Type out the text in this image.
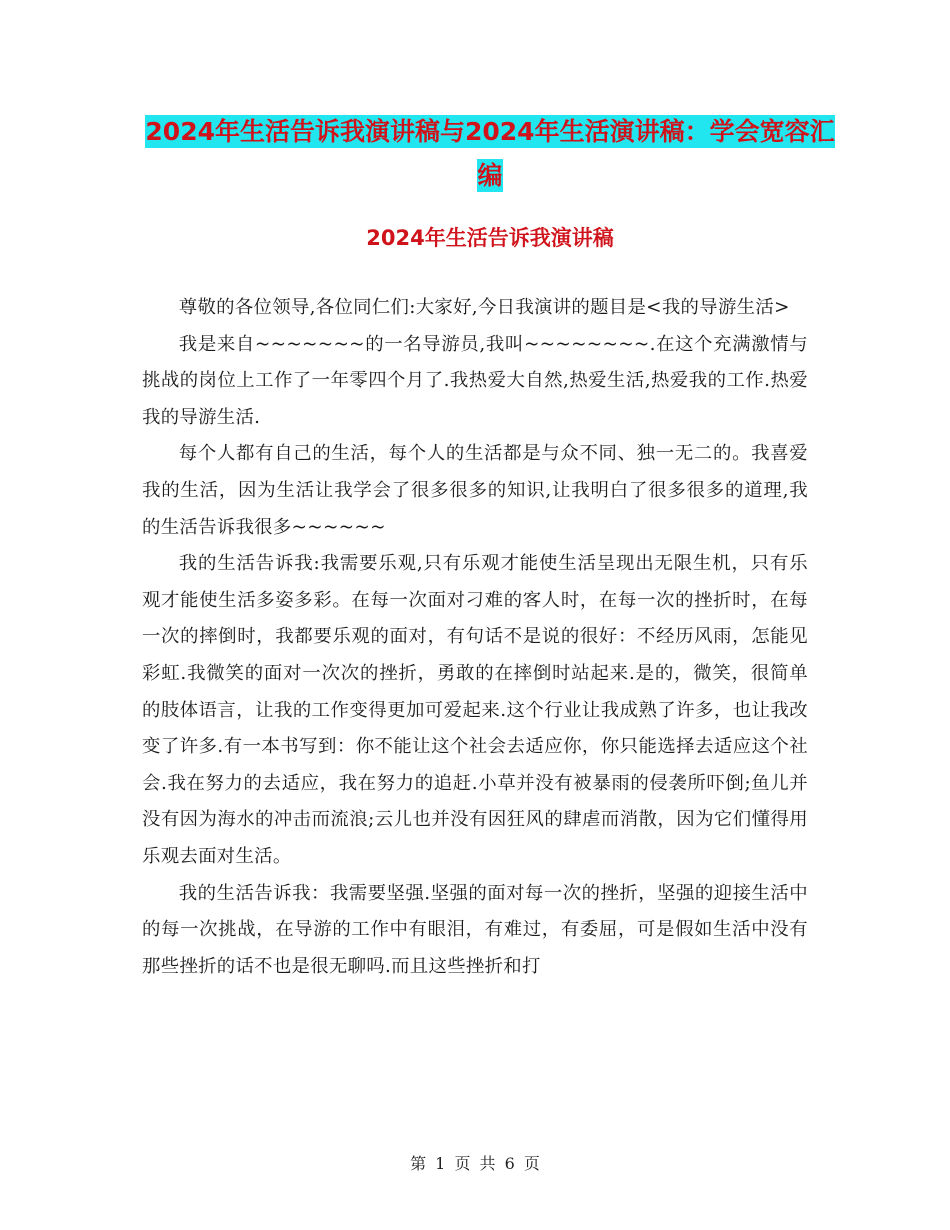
2024年生活告诉我演讲稿与2024年生活演讲稿：学会宽容汇编
2024年生活告诉我演讲稿

尊敬的各位领导,各位同仁们:大家好,今日我演讲的题目是<我的导游生活>

我是来自~~~~~~~的一名导游员,我叫~~~~~~~~.在这个充满激情与挑战的岗位上工作了一年零四个月了.我热爱大自然,热爱生活,热爱我的工作.热爱我的导游生活.

每个人都有自己的生活，每个人的生活都是与众不同、独一无二的。我喜爱我的生活，因为生活让我学会了很多很多的知识,让我明白了很多很多的道理,我的生活告诉我很多~~~~~~

我的生活告诉我:我需要乐观,只有乐观才能使生活呈现出无限生机，只有乐观才能使生活多姿多彩。在每一次面对刁难的客人时，在每一次的挫折时，在每一次的摔倒时，我都要乐观的面对，有句话不是说的很好：不经历风雨，怎能见彩虹.我微笑的面对一次次的挫折，勇敢的在摔倒时站起来.是的，微笑，很简单的肢体语言，让我的工作变得更加可爱起来.这个行业让我成熟了许多，也让我改变了许多.有一本书写到：你不能让这个社会去适应你，你只能选择去适应这个社会.我在努力的去适应，我在努力的追赶.小草并没有被暴雨的侵袭所吓倒;鱼儿并没有因为海水的冲击而流浪;云儿也并没有因狂风的肆虐而消散，因为它们懂得用乐观去面对生活。

我的生活告诉我：我需要坚强.坚强的面对每一次的挫折，坚强的迎接生活中的每一次挑战，在导游的工作中有眼泪，有难过，有委屈，可是假如生活中没有那些挫折的话不也是很无聊吗.而且这些挫折和打

第 1 页 共 6 页
